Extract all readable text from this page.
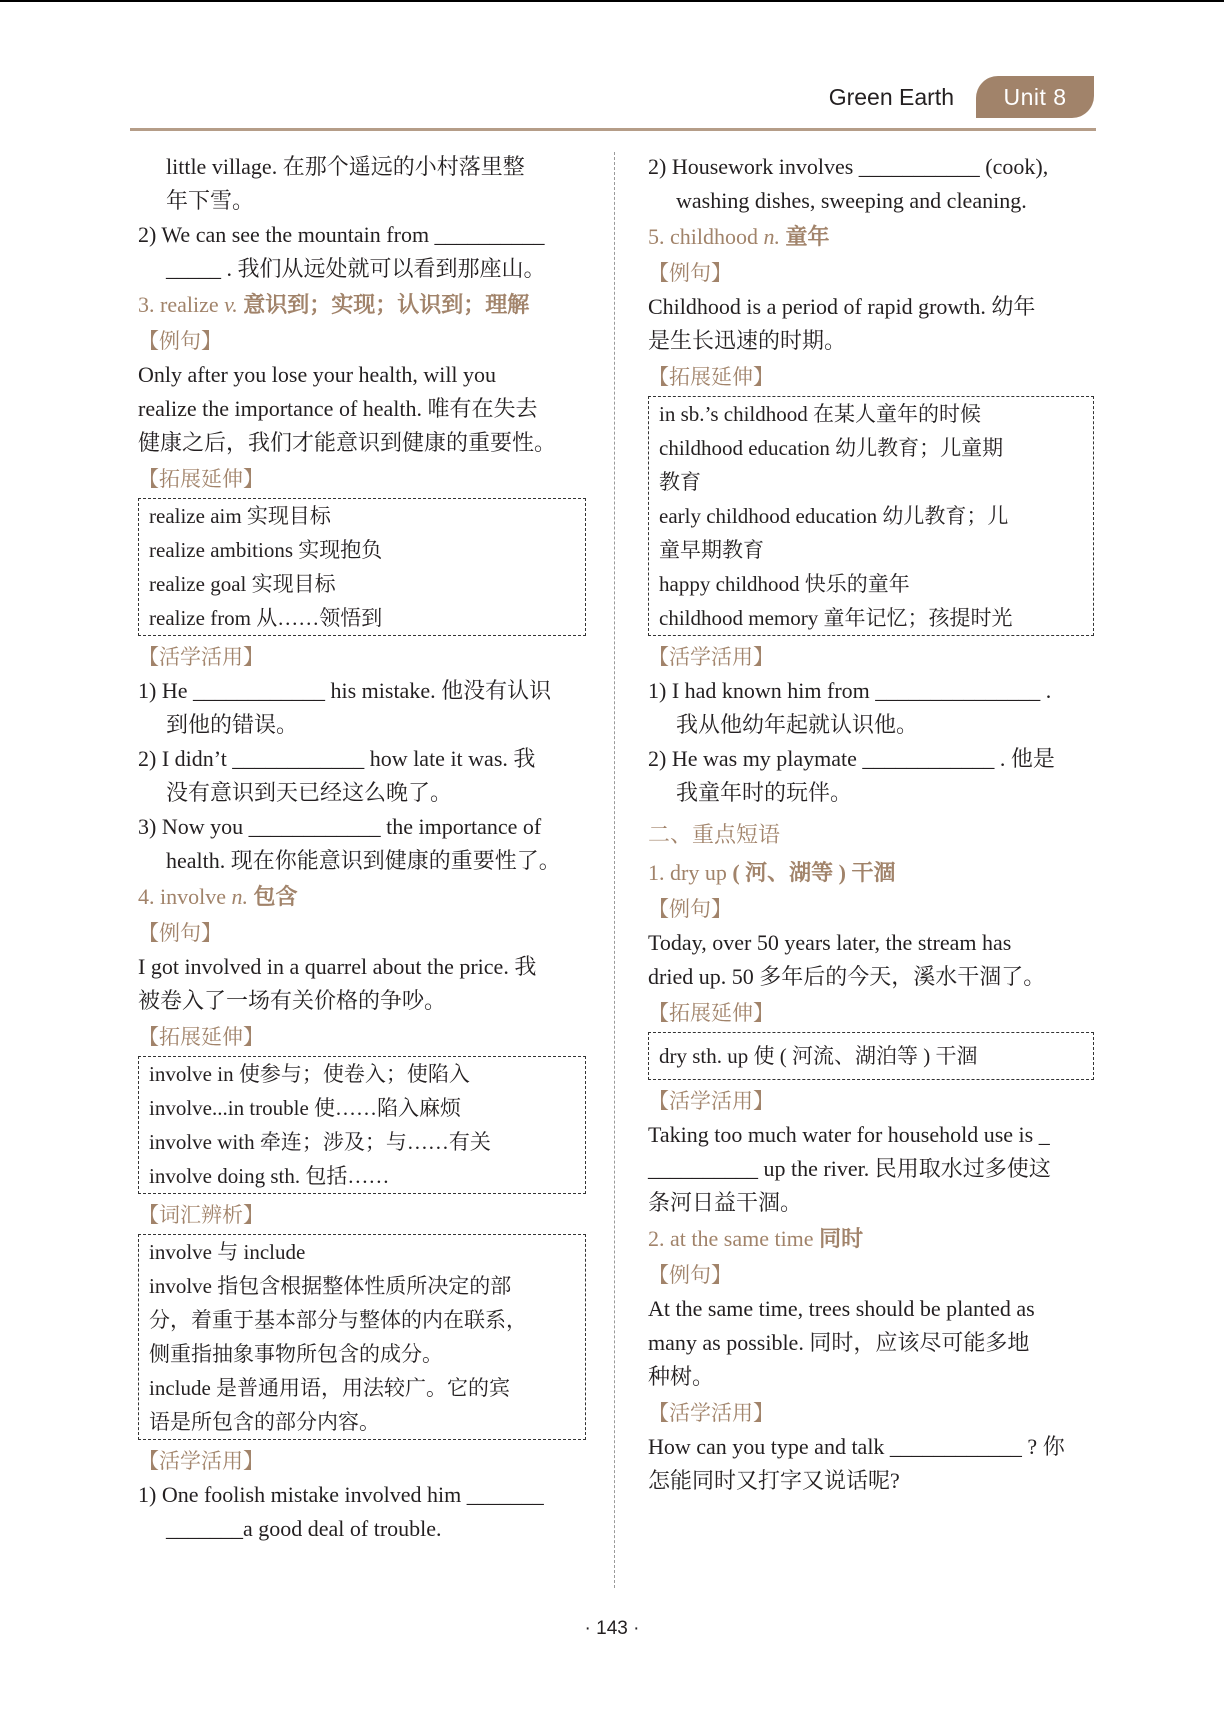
Green Earth	Unit 8
little village. 在那个遥远的小村落里整
年下雪。
2) We can see the mountain from __________
_____ . 我们从远处就可以看到那座山。
3. realize v. 意识到；实现；认识到；理解
【例句】
Only after you lose your health, will you
realize the importance of health. 唯有在失去
健康之后，我们才能意识到健康的重要性。
【拓展延伸】
realize aim 实现目标
realize ambitions 实现抱负
realize goal 实现目标
realize from 从……领悟到
【活学活用】
1) He ____________ his mistake. 他没有认识
到他的错误。
2) I didn’t ____________ how late it was. 我
没有意识到天已经这么晚了。
3) Now you ____________ the importance of
health. 现在你能意识到健康的重要性了。
4. involve n. 包含
【例句】
I got involved in a quarrel about the price. 我
被卷入了一场有关价格的争吵。
【拓展延伸】
involve in 使参与；使卷入；使陷入
involve...in trouble 使……陷入麻烦
involve with 牵连；涉及；与……有关
involve doing sth. 包括……
【词汇辨析】
involve 与 include
involve 指包含根据整体性质所决定的部
分，着重于基本部分与整体的内在联系，
侧重指抽象事物所包含的成分。
include 是普通用语，用法较广。它的宾
语是所包含的部分内容。
【活学活用】
1) One foolish mistake involved him _______
_______a good deal of trouble.
2) Housework involves ___________ (cook),
washing dishes, sweeping and cleaning.
5. childhood n. 童年
【例句】
Childhood is a period of rapid growth. 幼年
是生长迅速的时期。
【拓展延伸】
in sb.’s childhood 在某人童年的时候
childhood education 幼儿教育；儿童期
教育
early childhood education 幼儿教育；儿
童早期教育
happy childhood 快乐的童年
childhood memory 童年记忆；孩提时光
【活学活用】
1) I had known him from _______________ .
我从他幼年起就认识他。
2) He was my playmate ____________ . 他是
我童年时的玩伴。
二、重点短语
1. dry up ( 河、湖等 ) 干涸
【例句】
Today, over 50 years later, the stream has
dried up. 50 多年后的今天，溪水干涸了。
【拓展延伸】
dry sth. up 使 ( 河流、湖泊等 ) 干涸
【活学活用】
Taking too much water for household use is _
__________ up the river. 民用取水过多使这
条河日益干涸。
2. at the same time 同时
【例句】
At the same time, trees should be planted as
many as possible. 同时，应该尽可能多地
种树。
【活学活用】
How can you type and talk ____________ ? 你
怎能同时又打字又说话呢?
· 143 ·
